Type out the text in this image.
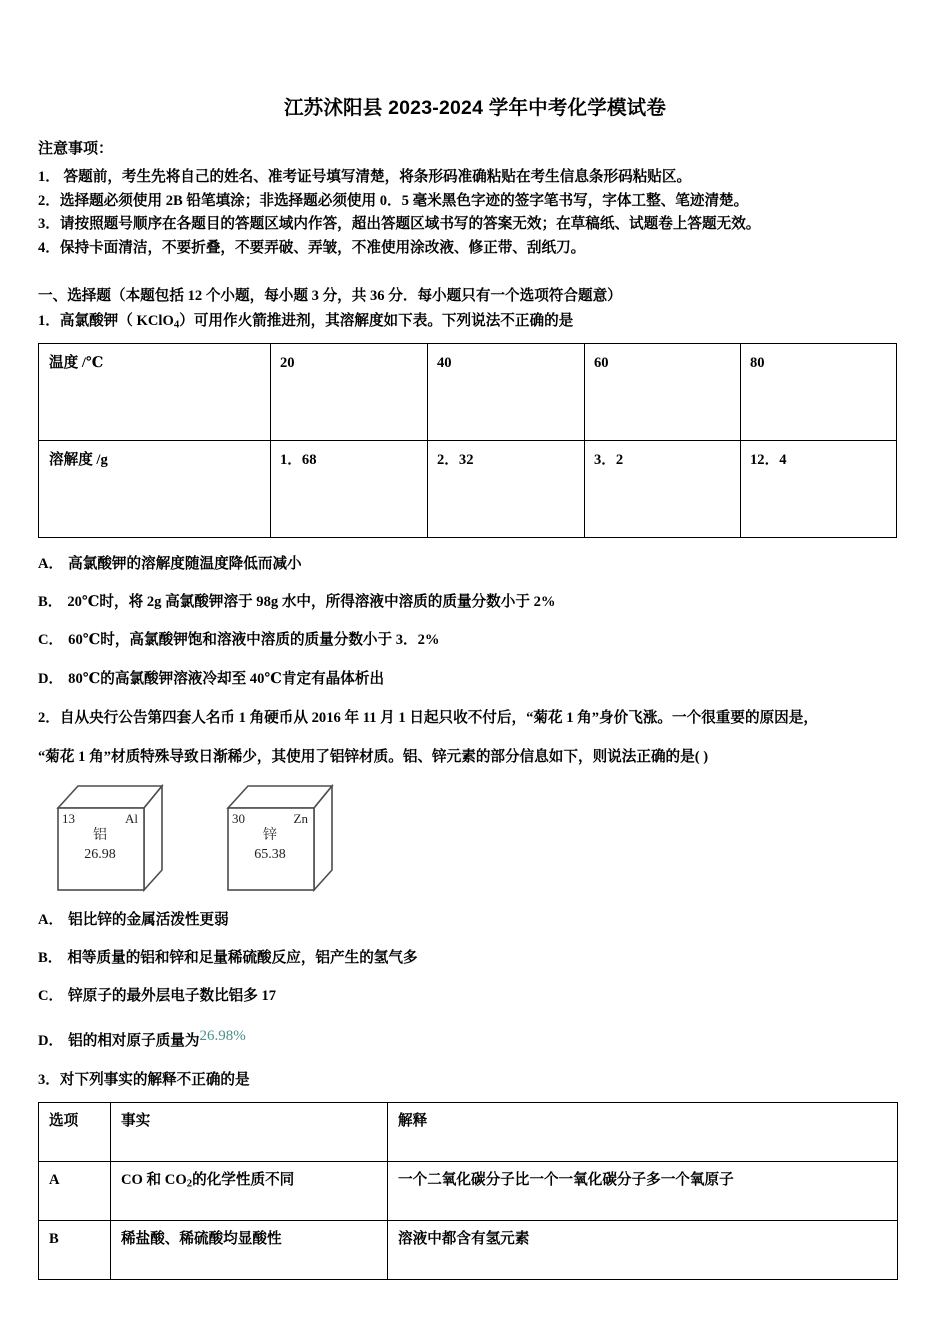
江苏沭阳县 2023-2024 学年中考化学模试卷
注意事项：
1． 答题前，考生先将自己的姓名、准考证号填写清楚，将条形码准确粘贴在考生信息条形码粘贴区。
2．选择题必须使用 2B 铅笔填涂；非选择题必须使用 0．5 毫米黑色字迹的签字笔书写，字体工整、笔迹清楚。
3．请按照题号顺序在各题目的答题区域内作答，超出答题区域书写的答案无效；在草稿纸、试题卷上答题无效。
4．保持卡面清洁，不要折叠，不要弄破、弄皱，不准使用涂改液、修正带、刮纸刀。
一、选择题（本题包括 12 个小题，每小题 3 分，共 36 分．每小题只有一个选项符合题意）
1．高氯酸钾（ KClO$_4$）可用作火箭推进剂，其溶解度如下表。下列说法不正确的是
温度 /℃	20	40	60	80
溶解度 /g	1．68	2．32	3．2	12．4
A． 高氯酸钾的溶解度随温度降低而减小
B． 20℃时，将 2g 高氯酸钾溶于 98g 水中，所得溶液中溶质的质量分数小于 2%
C． 60℃时，高氯酸钾饱和溶液中溶质的质量分数小于 3．2%
D． 80℃的高氯酸钾溶液冷却至 40℃肯定有晶体析出
2．自从央行公告第四套人名币 1 角硬币从 2016 年 11 月 1 日起只收不付后，“菊花 1 角”身价飞涨。一个很重要的原因是，
“菊花 1 角”材质特殊导致日渐稀少，其使用了铝锌材质。铝、锌元素的部分信息如下，则说法正确的是( )
13	Al
铝
26.98
30	Zn
锌
65.38
A． 铝比锌的金属活泼性更弱
B． 相等质量的铝和锌和足量稀硫酸反应，铝产生的氢气多
C． 锌原子的最外层电子数比铝多 17
D． 铝的相对原子质量为26.98%
3．对下列事实的解释不正确的是
选项	事实	解释
A	CO 和 $CO_2$的化学性质不同	一个二氧化碳分子比一个一氧化碳分子多一个氧原子
B	稀盐酸、稀硫酸均显酸性	溶液中都含有氢元素
